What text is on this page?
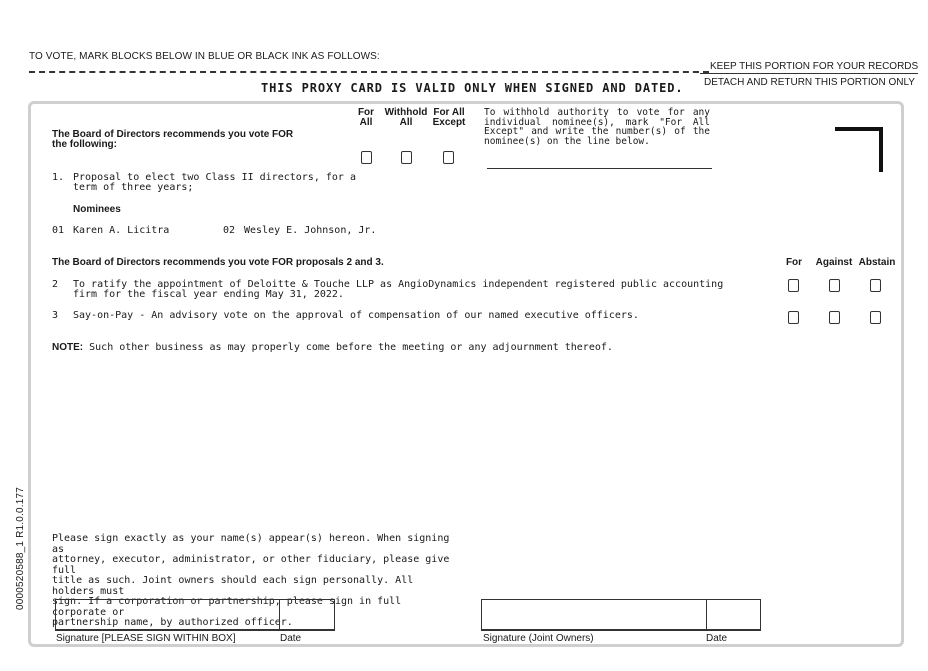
TO VOTE, MARK BLOCKS BELOW IN BLUE OR BLACK INK AS FOLLOWS:
KEEP THIS PORTION FOR YOUR RECORDS
DETACH AND RETURN THIS PORTION ONLY
THIS PROXY CARD IS VALID ONLY WHEN SIGNED AND DATED.
For All
Withhold All
For All Except
To withhold authority to vote for any individual nominee(s), mark "For All Except" and write the number(s) of the nominee(s) on the line below.
The Board of Directors recommends you vote FOR
the following:
1. Proposal to elect two Class II directors, for a
term of three years;
Nominees
01 Karen A. Licitra	02 Wesley E. Johnson, Jr.
The Board of Directors recommends you vote FOR proposals 2 and 3.	For	Against Abstain
2 To ratify the appointment of Deloitte & Touche LLP as AngioDynamics independent registered public accounting
firm for the fiscal year ending May 31, 2022.
3 Say-on-Pay - An advisory vote on the approval of compensation of our named executive officers.
NOTE: Such other business as may properly come before the meeting or any adjournment thereof.
Please sign exactly as your name(s) appear(s) hereon. When signing as
attorney, executor, administrator, or other fiduciary, please give full
title as such. Joint owners should each sign personally. All holders must
sign. If a corporation or partnership, please sign in full corporate or
partnership name, by authorized officer.
Signature [PLEASE SIGN WITHIN BOX]	Date	Signature (Joint Owners)	Date
0000520588_1 R1.0.0.177
